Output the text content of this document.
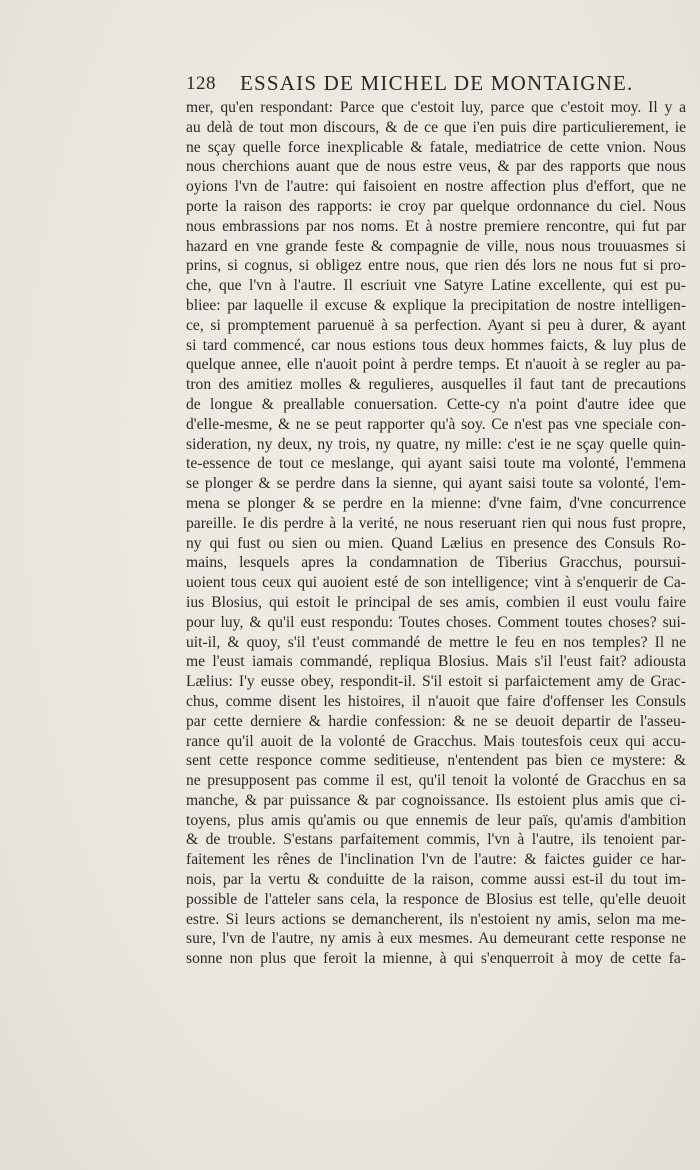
128 ESSAIS DE MICHEL DE MONTAIGNE.
mer, qu'en respondant: Parce que c'estoit luy, parce que c'estoit moy. Il y a
au delà de tout mon discours, & de ce que i'en puis dire particulierement, ie
ne sçay quelle force inexplicable & fatale, mediatrice de cette vnion. Nous
nous cherchions auant que de nous estre veus, & par des rapports que nous
oyions l'vn de l'autre: qui faisoient en nostre affection plus d'effort, que ne
porte la raison des rapports: ie croy par quelque ordonnance du ciel. Nous
nous embrassions par nos noms. Et à nostre premiere rencontre, qui fut par
hazard en vne grande feste & compagnie de ville, nous nous trouuasmes si
prins, si cognus, si obligez entre nous, que rien dés lors ne nous fut si pro-
che, que l'vn à l'autre. Il escriuit vne Satyre Latine excellente, qui est pu-
bliee: par laquelle il excuse & explique la precipitation de nostre intelligen-
ce, si promptement paruenuë à sa perfection. Ayant si peu à durer, & ayant
si tard commencé, car nous estions tous deux hommes faicts, & luy plus de
quelque annee, elle n'auoit point à perdre temps. Et n'auoit à se regler au pa-
tron des amitiez molles & regulieres, ausquelles il faut tant de precautions
de longue & preallable conuersation. Cette-cy n'a point d'autre idee que
d'elle-mesme, & ne se peut rapporter qu'à soy. Ce n'est pas vne speciale con-
sideration, ny deux, ny trois, ny quatre, ny mille: c'est ie ne sçay quelle quin-
te-essence de tout ce meslange, qui ayant saisi toute ma volonté, l'emmena
se plonger & se perdre dans la sienne, qui ayant saisi toute sa volonté, l'em-
mena se plonger & se perdre en la mienne: d'vne faim, d'vne concurrence
pareille. Ie dis perdre à la verité, ne nous reseruant rien qui nous fust propre,
ny qui fust ou sien ou mien. Quand Lælius en presence des Consuls Ro-
mains, lesquels apres la condamnation de Tiberius Gracchus, poursui-
uoient tous ceux qui auoient esté de son intelligence; vint à s'enquerir de Ca-
ius Blosius, qui estoit le principal de ses amis, combien il eust voulu faire
pour luy, & qu'il eust respondu: Toutes choses. Comment toutes choses? sui-
uit-il, & quoy, s'il t'eust commandé de mettre le feu en nos temples? Il ne
me l'eust iamais commandé, repliqua Blosius. Mais s'il l'eust fait? adiousta
Lælius: I'y eusse obey, respondit-il. S'il estoit si parfaictement amy de Grac-
chus, comme disent les histoires, il n'auoit que faire d'offenser les Consuls
par cette derniere & hardie confession: & ne se deuoit departir de l'asseu-
rance qu'il auoit de la volonté de Gracchus. Mais toutesfois ceux qui accu-
sent cette responce comme seditieuse, n'entendent pas bien ce mystere: &
ne presupposent pas comme il est, qu'il tenoit la volonté de Gracchus en sa
manche, & par puissance & par cognoissance. Ils estoient plus amis que ci-
toyens, plus amis qu'amis ou que ennemis de leur païs, qu'amis d'ambition
& de trouble. S'estans parfaitement commis, l'vn à l'autre, ils tenoient par-
faitement les rênes de l'inclination l'vn de l'autre: & faictes guider ce har-
nois, par la vertu & conduitte de la raison, comme aussi est-il du tout im-
possible de l'atteler sans cela, la responce de Blosius est telle, qu'elle deuoit
estre. Si leurs actions se demancherent, ils n'estoient ny amis, selon ma me-
sure, l'vn de l'autre, ny amis à eux mesmes. Au demeurant cette response ne
sonne non plus que feroit la mienne, à qui s'enquerroit à moy de cette fa-
